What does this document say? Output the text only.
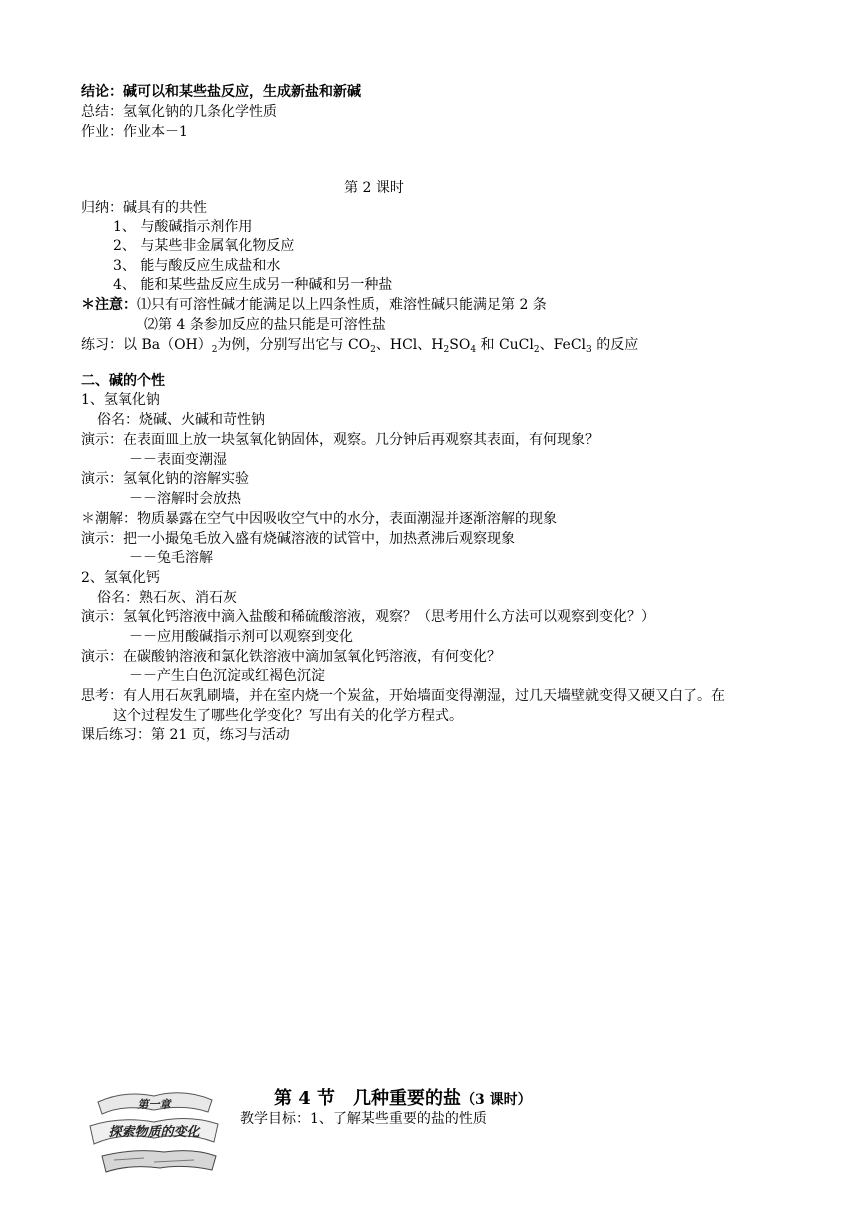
结论：碱可以和某些盐反应，生成新盐和新碱
总结：氢氧化钠的几条化学性质
作业：作业本－1
第 2 课时
归纳：碱具有的共性
1、 与酸碱指示剂作用
2、 与某些非金属氧化物反应
3、 能与酸反应生成盐和水
4、 能和某些盐反应生成另一种碱和另一种盐
＊注意：⑴只有可溶性碱才能满足以上四条性质，难溶性碱只能满足第 2 条
⑵第 4 条参加反应的盐只能是可溶性盐
练习：以 $Ba(OH)_2$为例，分别写出它与 $CO_2$、HCl、$H_2SO_4$ 和 CuCl$_2$、FeCl$_3$ 的反应
二、碱的个性
1、氢氧化钠
俗名：烧碱、火碱和苛性钠
演示：在表面皿上放一块氢氧化钠固体，观察。几分钟后再观察其表面，有何现象？
－－表面变潮湿
演示：氢氧化钠的溶解实验
－－溶解时会放热
＊潮解：物质暴露在空气中因吸收空气中的水分，表面潮湿并逐渐溶解的现象
演示：把一小撮兔毛放入盛有烧碱溶液的试管中，加热煮沸后观察现象
－－兔毛溶解
2、氢氧化钙
俗名：熟石灰、消石灰
演示：氢氧化钙溶液中滴入盐酸和稀硫酸溶液，观察？（思考用什么方法可以观察到变化？）
－－应用酸碱指示剂可以观察到变化
演示：在碳酸钠溶液和氯化铁溶液中滴加氢氧化钙溶液，有何变化？
－－产生白色沉淀或红褐色沉淀
思考：有人用石灰乳刷墙，并在室内烧一个炭盆，开始墙面变得潮湿，过几天墙壁就变得又硬又白了。在
这个过程发生了哪些化学变化？写出有关的化学方程式。
课后练习：第 21 页，练习与活动
第一章
探索物质的变化
第 4 节　几种重要的盐（3 课时）
教学目标：1、了解某些重要的盐的性质
